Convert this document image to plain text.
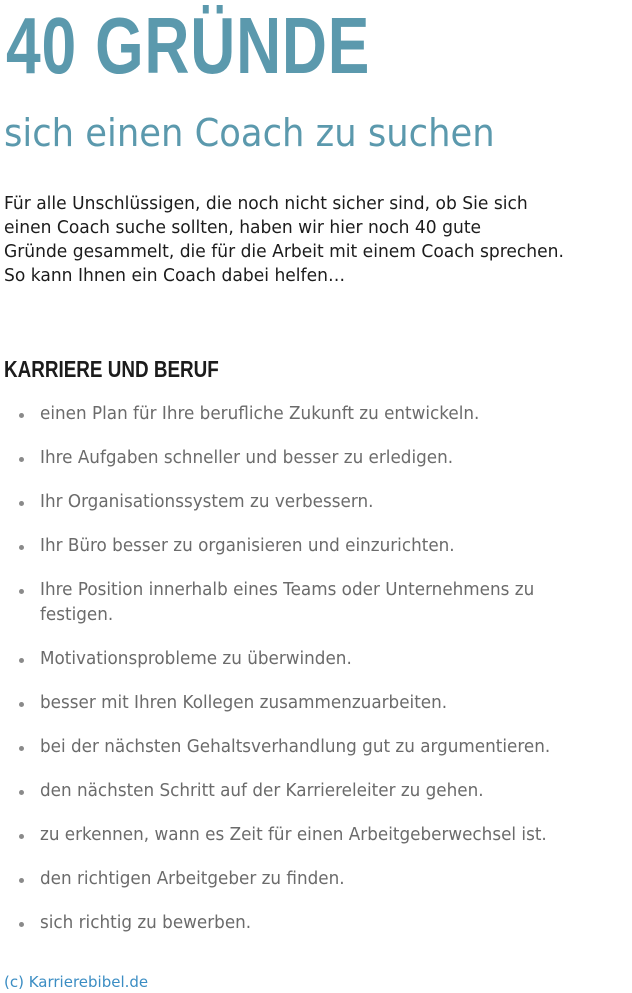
40 GRÜNDE
sich einen Coach zu suchen

Für alle Unschlüssigen, die noch nicht sicher sind, ob Sie sich
einen Coach suche sollten, haben wir hier noch 40 gute
Gründe gesammelt, die für die Arbeit mit einem Coach sprechen.
So kann Ihnen ein Coach dabei helfen…

KARRIERE UND BERUF
einen Plan für Ihre berufliche Zukunft zu entwickeln.
Ihre Aufgaben schneller und besser zu erledigen.
Ihr Organisationssystem zu verbessern.
Ihr Büro besser zu organisieren und einzurichten.
Ihre Position innerhalb eines Teams oder Unternehmens zu
festigen.
Motivationsprobleme zu überwinden.
besser mit Ihren Kollegen zusammenzuarbeiten.
bei der nächsten Gehaltsverhandlung gut zu argumentieren.
den nächsten Schritt auf der Karriereleiter zu gehen.
zu erkennen, wann es Zeit für einen Arbeitgeberwechsel ist.
den richtigen Arbeitgeber zu finden.
sich richtig zu bewerben.

(c) Karrierebibel.de
